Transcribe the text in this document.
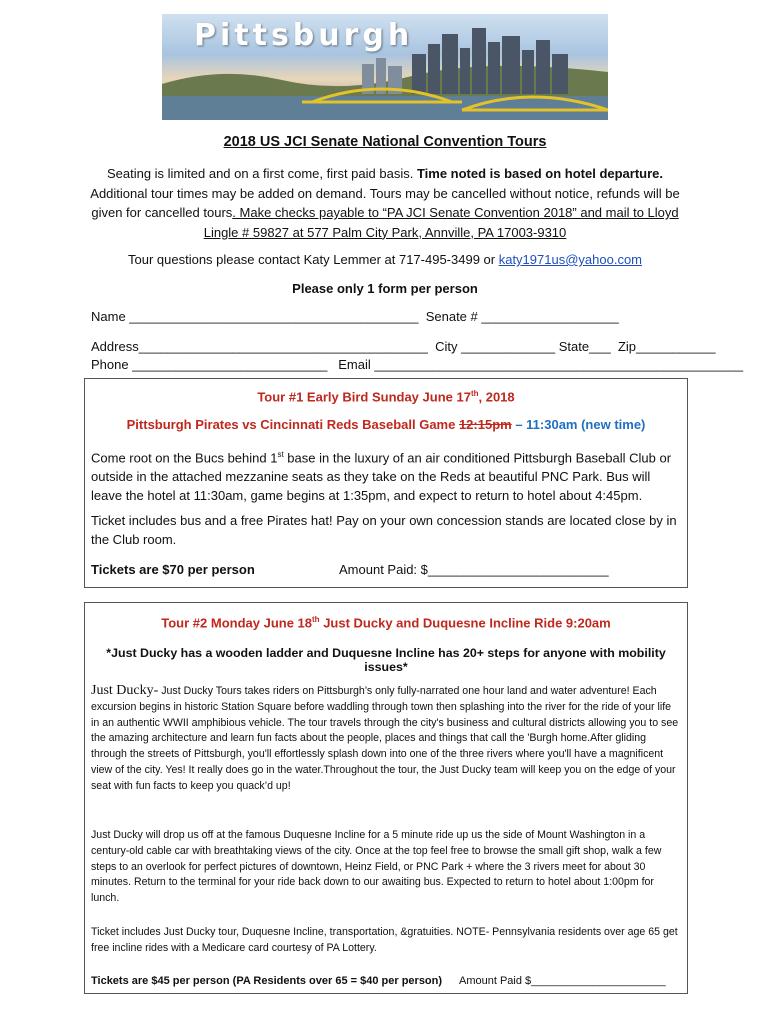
Pittsburgh
2018 US JCI Senate National Convention Tours
Seating is limited and on a first come, first paid basis. Time noted is based on hotel departure. Additional tour times may be added on demand. Tours may be cancelled without notice, refunds will be given for cancelled tours. Make checks payable to “PA JCI Senate Convention 2018” and mail to Lloyd Lingle # 59827 at 577 Palm City Park, Annville, PA 17003-9310
Tour questions please contact Katy Lemmer at 717-495-3499 or katy1971us@yahoo.com
Please only 1 form per person
Name ________________________________________  Senate # ___________________
Address________________________________________  City _____________ State___  Zip___________
Phone ___________________________   Email ___________________________________________________
Tour #1 Early Bird Sunday June 17th, 2018
Pittsburgh Pirates vs Cincinnati Reds Baseball Game 12:15pm – 11:30am (new time)
Come root on the Bucs behind 1st base in the luxury of an air conditioned Pittsburgh Baseball Club or outside in the attached mezzanine seats as they take on the Reds at beautiful PNC Park. Bus will leave the hotel at 11:30am, game begins at 1:35pm, and expect to return to hotel about 4:45pm.
Ticket includes bus and a free Pirates hat! Pay on your own concession stands are located close by in the Club room.
Tickets are $70 per person	Amount Paid: $_________________________
Tour #2 Monday June 18th Just Ducky and Duquesne Incline Ride 9:20am
*Just Ducky has a wooden ladder and Duquesne Incline has 20+ steps for anyone with mobility issues*
Just Ducky- Just Ducky Tours takes riders on Pittsburgh’s only fully-narrated one hour land and water adventure! Each excursion begins in historic Station Square before waddling through town then splashing into the river for the ride of your life in an authentic WWII amphibious vehicle. The tour travels through the city's business and cultural districts allowing you to see the amazing architecture and learn fun facts about the people, places and things that call the 'Burgh home.After gliding through the streets of Pittsburgh, you'll effortlessly splash down into one of the three rivers where you'll have a magnificent view of the city. Yes! It really does go in the water.Throughout the tour, the Just Ducky team will keep you on the edge of your seat with fun facts to keep you quack’d up!
Just Ducky will drop us off at the famous Duquesne Incline for a 5 minute ride up us the side of Mount Washington in a century-old cable car with breathtaking views of the city. Once at the top feel free to browse the small gift shop, walk a few steps to an overlook for perfect pictures of downtown, Heinz Field, or PNC Park + where the 3 rivers meet for about 30 minutes. Return to the terminal for your ride back down to our awaiting bus. Expected to return to hotel about 1:00pm for lunch.
Ticket includes Just Ducky tour, Duquesne Incline, transportation, &gratuities. NOTE- Pennsylvania residents over age 65 get free incline rides with a Medicare card courtesy of PA Lottery.
Tickets are $45 per person (PA Residents over 65 = $40 per person)	Amount Paid $______________________
